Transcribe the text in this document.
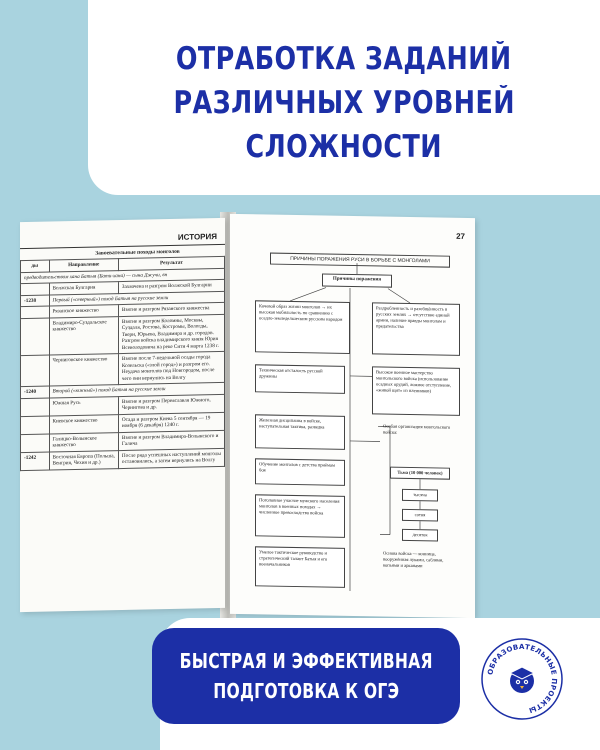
ОТРАБОТКА ЗАДАНИЙ
РАЗЛИЧНЫХ УРОВНЕЙ
СЛОЖНОСТИ
ИСТОРИЯ
Завоевательные походы монголов
ды	Направление	Результат
предводительством хана Батыя (Батu-хана) — сына Джучи, вн		
	Волжская Булгария	Захвачена и разгром Волжской Булгарии
-1238	Первый («северный») поход Батыя на русские земли	
	Рязанское княжество	Взятие и разгром Рязанского княжества
	Владимиро-Суздальское княжество	Взятие и разгром Коломны, Москвы, Суздаля, Ростова, Костромы, Вологды, Твери, Юрьева, Владимира и др. городов. Разгром войска владимирского князя Юрия Всеволодовича на реке Сити 4 марта 1238 г.
	Черниговское княжество	Взятие после 7-недельной осады города Козельска («злой город») и разгром его. Неудача монголов под Новгородом, после чего они вернулись на Волгу
-1240	Второй («южный») поход Батыя на русские земли	
	Южная Русь	Взятие и разгром Переяславля Южного, Чернигова и др.
	Киевское княжество	Осада и разгром Киева 5 сентября — 19 ноября (6 декабря) 1240 г.
	Галицко-Волынское княжество	Взятие и разгром Владимира-Волынского и Галича
-1242	Восточная Европа (Польша, Венгрия, Чехия и др.)	После ряда успешных наступлений монголы остановились, а затем вернулись на Волгу
27
ПРИЧИНЫ ПОРАЖЕНИЯ РУСИ В БОРЬБЕ С МОНГОЛАМИ
Причины поражения
Кочевой образ жизни монголов → их высокая мобильность по сравнению с оседло-земледельческим русским народом
Раздробленность и разобщённость в русских землях → отсутствие единой армии, наличие правды монголам и предательства
Техническая отсталость русской дружины
Высокое военное мастерство монгольского войска (использование осадных орудий, ложное отступление, «живой щит» из пленников)
Железная дисциплина в войске, наступательная тактика, разведка
Обучение монголов с детства приёмам боя
Поголовное участие мужского населения монголов в военных походах → численное превосходство войска
Умелое тактическое руководство и стратегический талант Батыя и его военачальников
Особая организация монгольского войска:
Тьма (10 000 человек)
тысяча
сотня
десяток
Основа войска — конница, вооружённая луками, саблями, копьями и арканами
БЫСТРАЯ И ЭФФЕКТИВНАЯ
ПОДГОТОВКА К ОГЭ
ОБРАЗОВАТЕЛЬНЫЕ ПРОЕКТЫ
